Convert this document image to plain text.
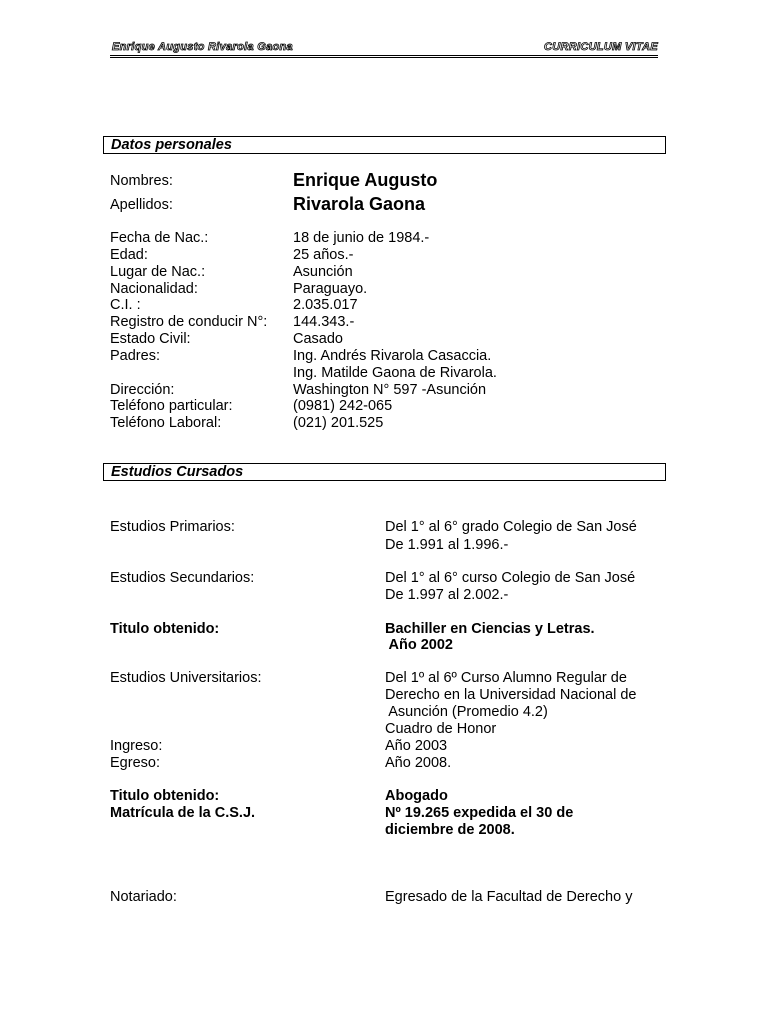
Enrique Augusto Rivarola Gaona	CURRICULUM VITAE
Datos personales
Nombres:	Enrique Augusto
Apellidos:	Rivarola Gaona
Fecha de Nac.:	18 de junio de 1984.-
Edad:	25 años.-
Lugar de Nac.:	Asunción
Nacionalidad:	Paraguayo.
C.I. :	2.035.017
Registro de conducir N°: 144.343.-
Estado Civil:	Casado
Padres:	Ing. Andrés Rivarola Casaccia.
Ing. Matilde Gaona de Rivarola.
Dirección:	Washington N° 597 -Asunción
Teléfono particular:	(0981) 242-065
Teléfono Laboral:	(021) 201.525
Estudios Cursados
Estudios Primarios:	Del 1° al 6° grado Colegio de San José
De 1.991 al 1.996.-
Estudios Secundarios:	Del 1° al 6° curso Colegio de San José
De 1.997 al 2.002.-
Titulo obtenido:	Bachiller en Ciencias y Letras.
Año 2002
Estudios Universitarios:	Del 1º al 6º Curso Alumno Regular de
Derecho en la Universidad Nacional de
Asunción (Promedio 4.2)
Cuadro de Honor
Ingreso:	Año 2003
Egreso:	Año 2008.
Titulo obtenido:	Abogado
Matrícula de la C.S.J.	Nº 19.265 expedida el 30 de
diciembre de 2008.
Notariado:	Egresado de la Facultad de Derecho y
